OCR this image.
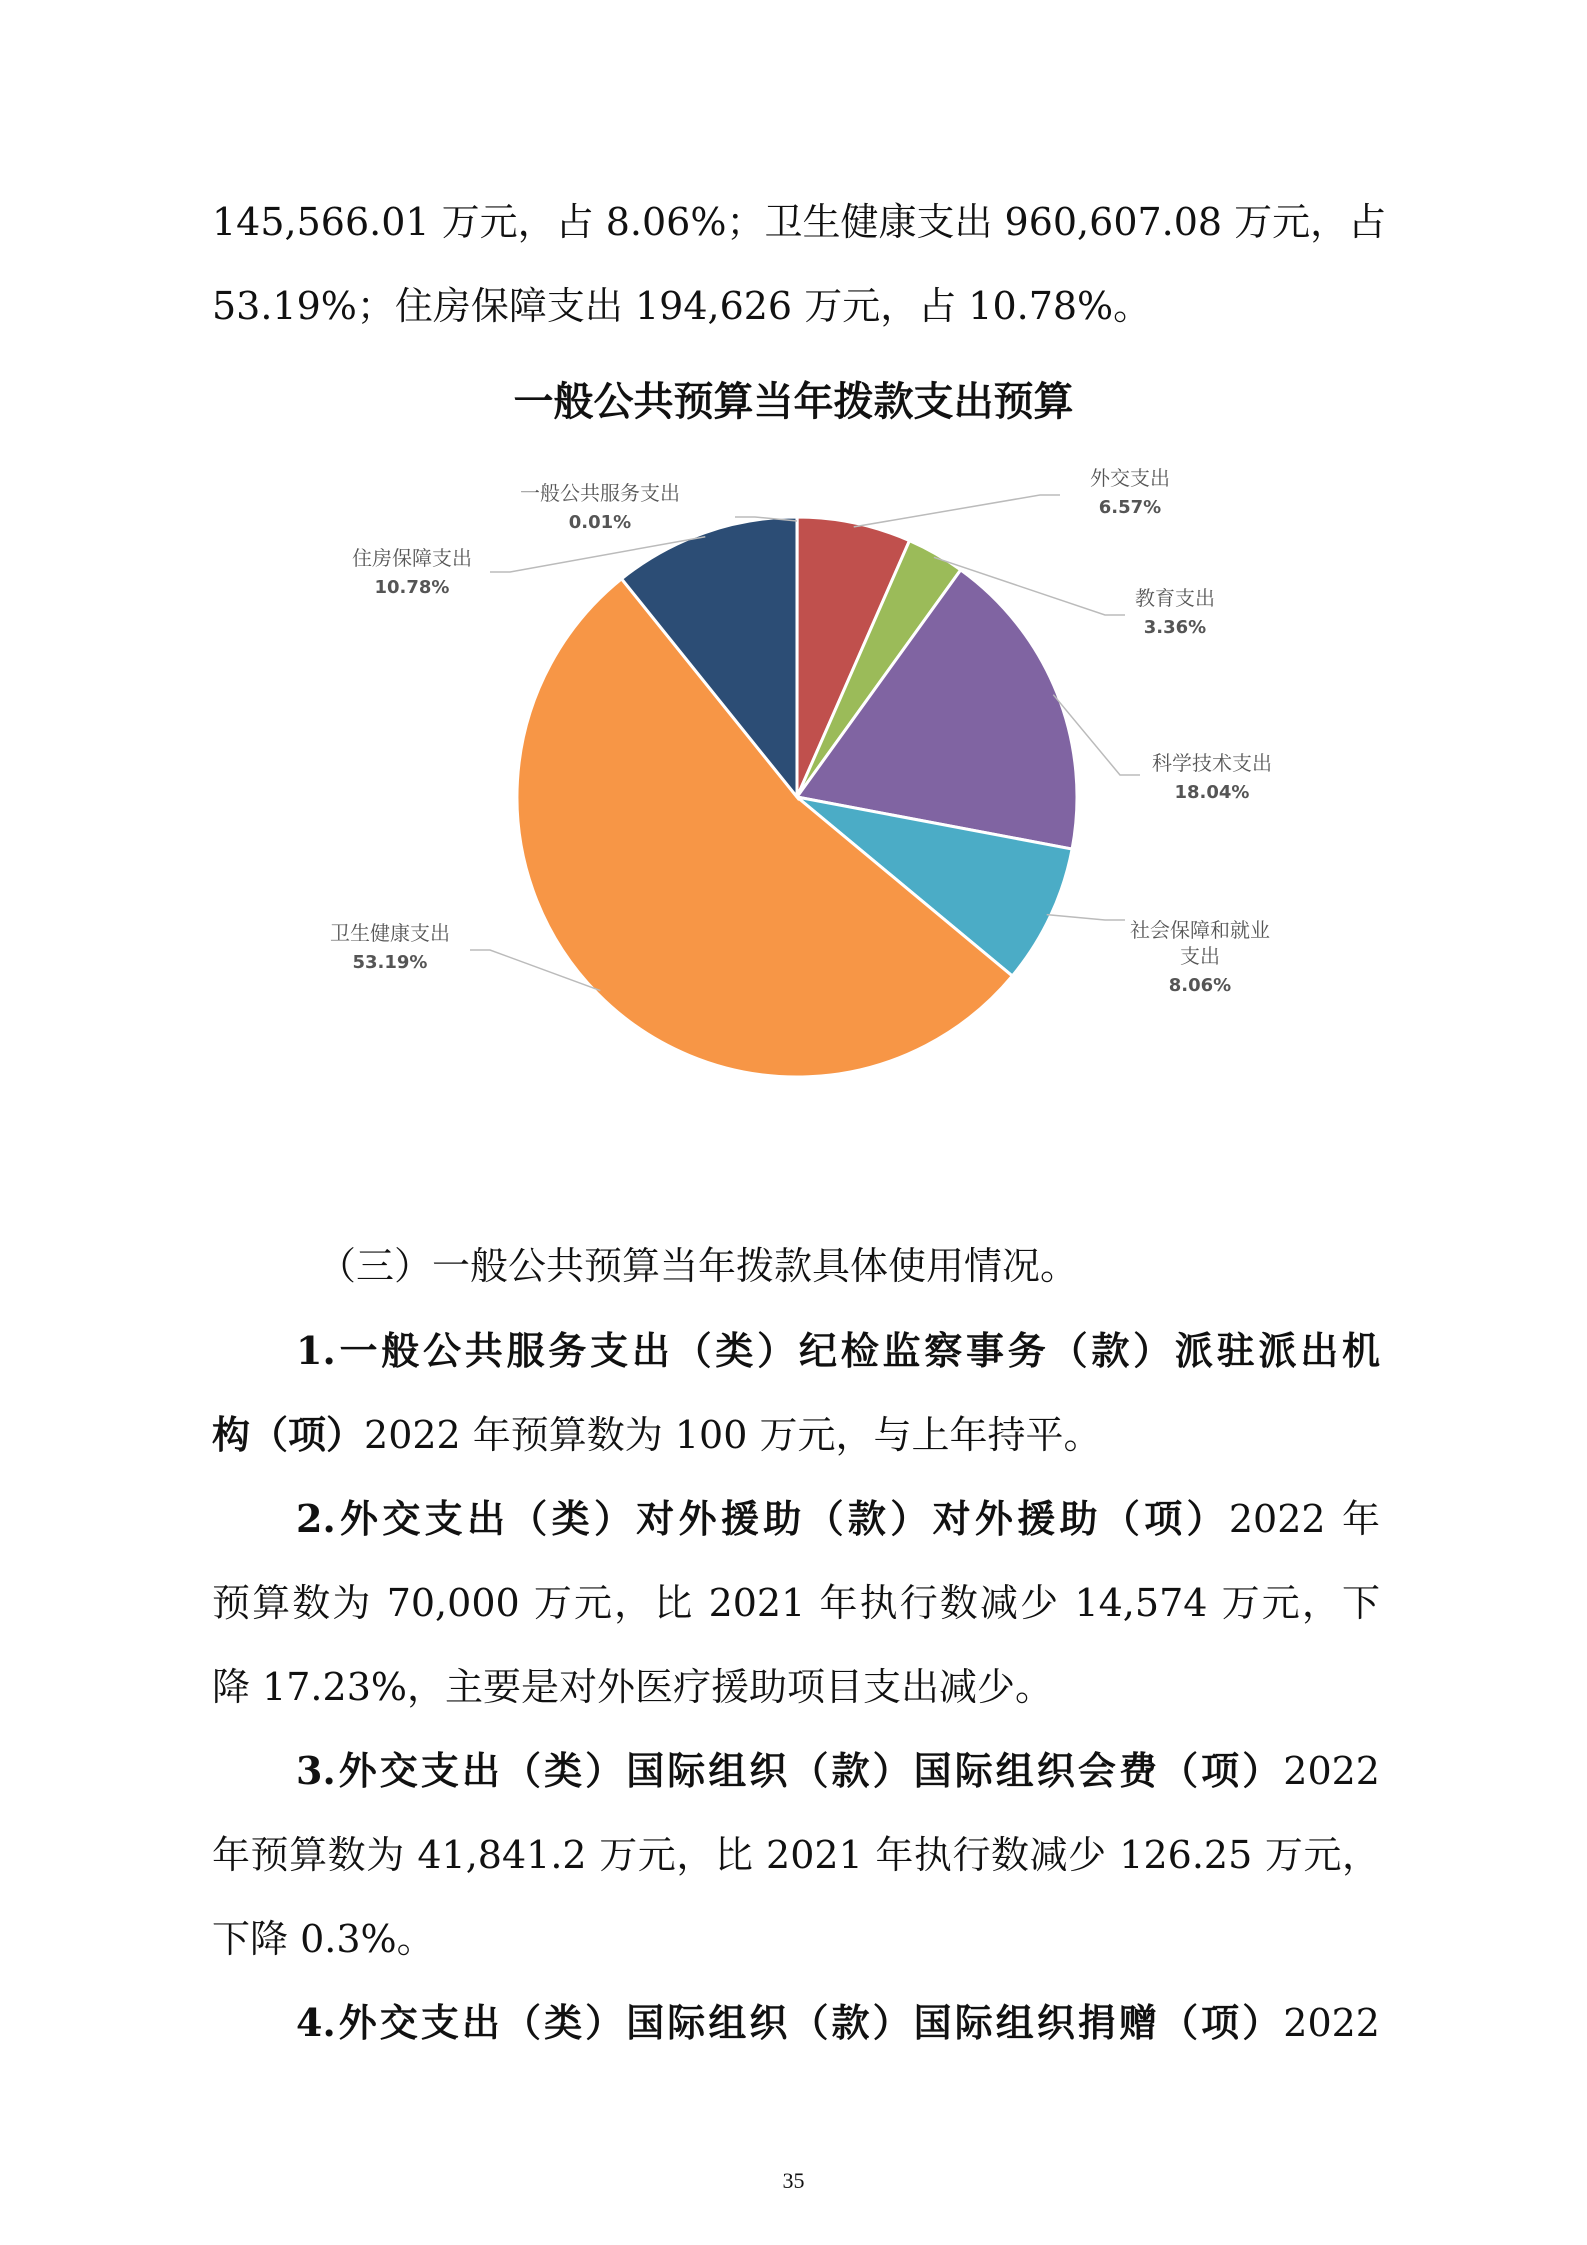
145,566.01 万元，占 8.06%；卫生健康支出 960,607.08 万元，占
53.19%；住房保障支出 194,626 万元，占 10.78%。
一般公共预算当年拨款支出预算
一般公共服务支出
0.01%
外交支出
6.57%
教育支出
3.36%
科学技术支出
18.04%
社会保障和就业
支出
8.06%
卫生健康支出
53.19%
住房保障支出
10.78%
（三）一般公共预算当年拨款具体使用情况。
1.一般公共服务支出（类）纪检监察事务（款）派驻派出机
构（项）2022 年预算数为 100 万元，与上年持平。
2.外交支出（类）对外援助（款）对外援助（项）2022 年
预算数为 70,000 万元，比 2021 年执行数减少 14,574 万元，下
降 17.23%，主要是对外医疗援助项目支出减少。
3.外交支出（类）国际组织（款）国际组织会费（项）2022
年预算数为 41,841.2 万元，比 2021 年执行数减少 126.25 万元，
下降 0.3%。
4.外交支出（类）国际组织（款）国际组织捐赠（项）2022
35
